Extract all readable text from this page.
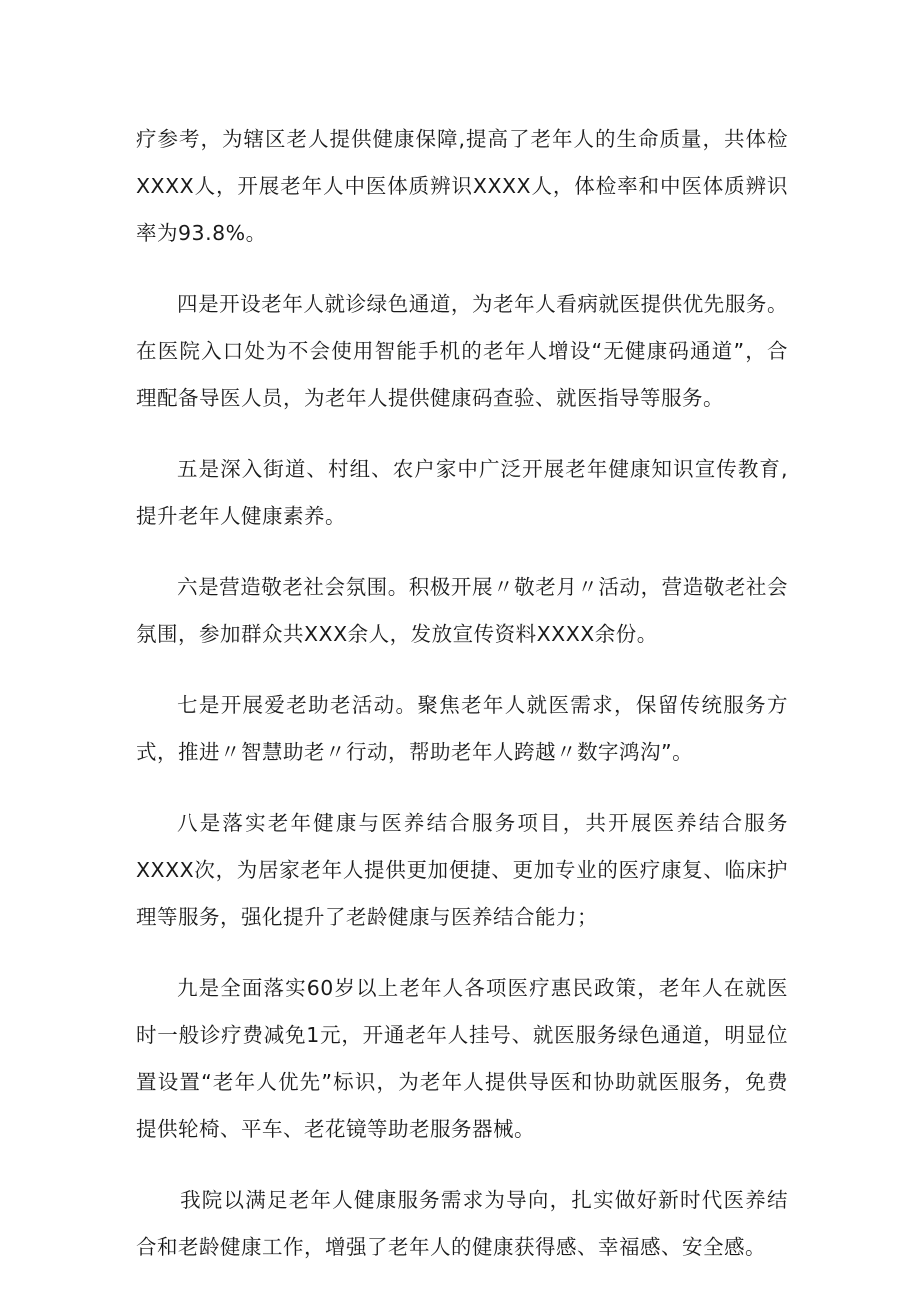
疗参考，为辖区老人提供健康保障,提高了老年人的生命质量，共体检XXXX人，开展老年人中医体质辨识XXXX人，体检率和中医体质辨识率为93.8%。

四是开设老年人就诊绿色通道，为老年人看病就医提供优先服务。在医院入口处为不会使用智能手机的老年人增设“无健康码通道”，合理配备导医人员，为老年人提供健康码查验、就医指导等服务。

五是深入街道、村组、农户家中广泛开展老年健康知识宣传教育,提升老年人健康素养。

六是营造敬老社会氛围。积极开展〃敬老月〃活动，营造敬老社会氛围，参加群众共XXX余人，发放宣传资料XXXX余份。

七是开展爱老助老活动。聚焦老年人就医需求，保留传统服务方式，推进〃智慧助老〃行动，帮助老年人跨越〃数字鸿沟”。

八是落实老年健康与医养结合服务项目，共开展医养结合服务XXXX次，为居家老年人提供更加便捷、更加专业的医疗康复、临床护理等服务，强化提升了老龄健康与医养结合能力；

九是全面落实60岁以上老年人各项医疗惠民政策，老年人在就医时一般诊疗费减免1元，开通老年人挂号、就医服务绿色通道，明显位置设置“老年人优先”标识，为老年人提供导医和协助就医服务，免费提供轮椅、平车、老花镜等助老服务器械。

我院以满足老年人健康服务需求为导向，扎实做好新时代医养结合和老龄健康工作，增强了老年人的健康获得感、幸福感、安全感。
